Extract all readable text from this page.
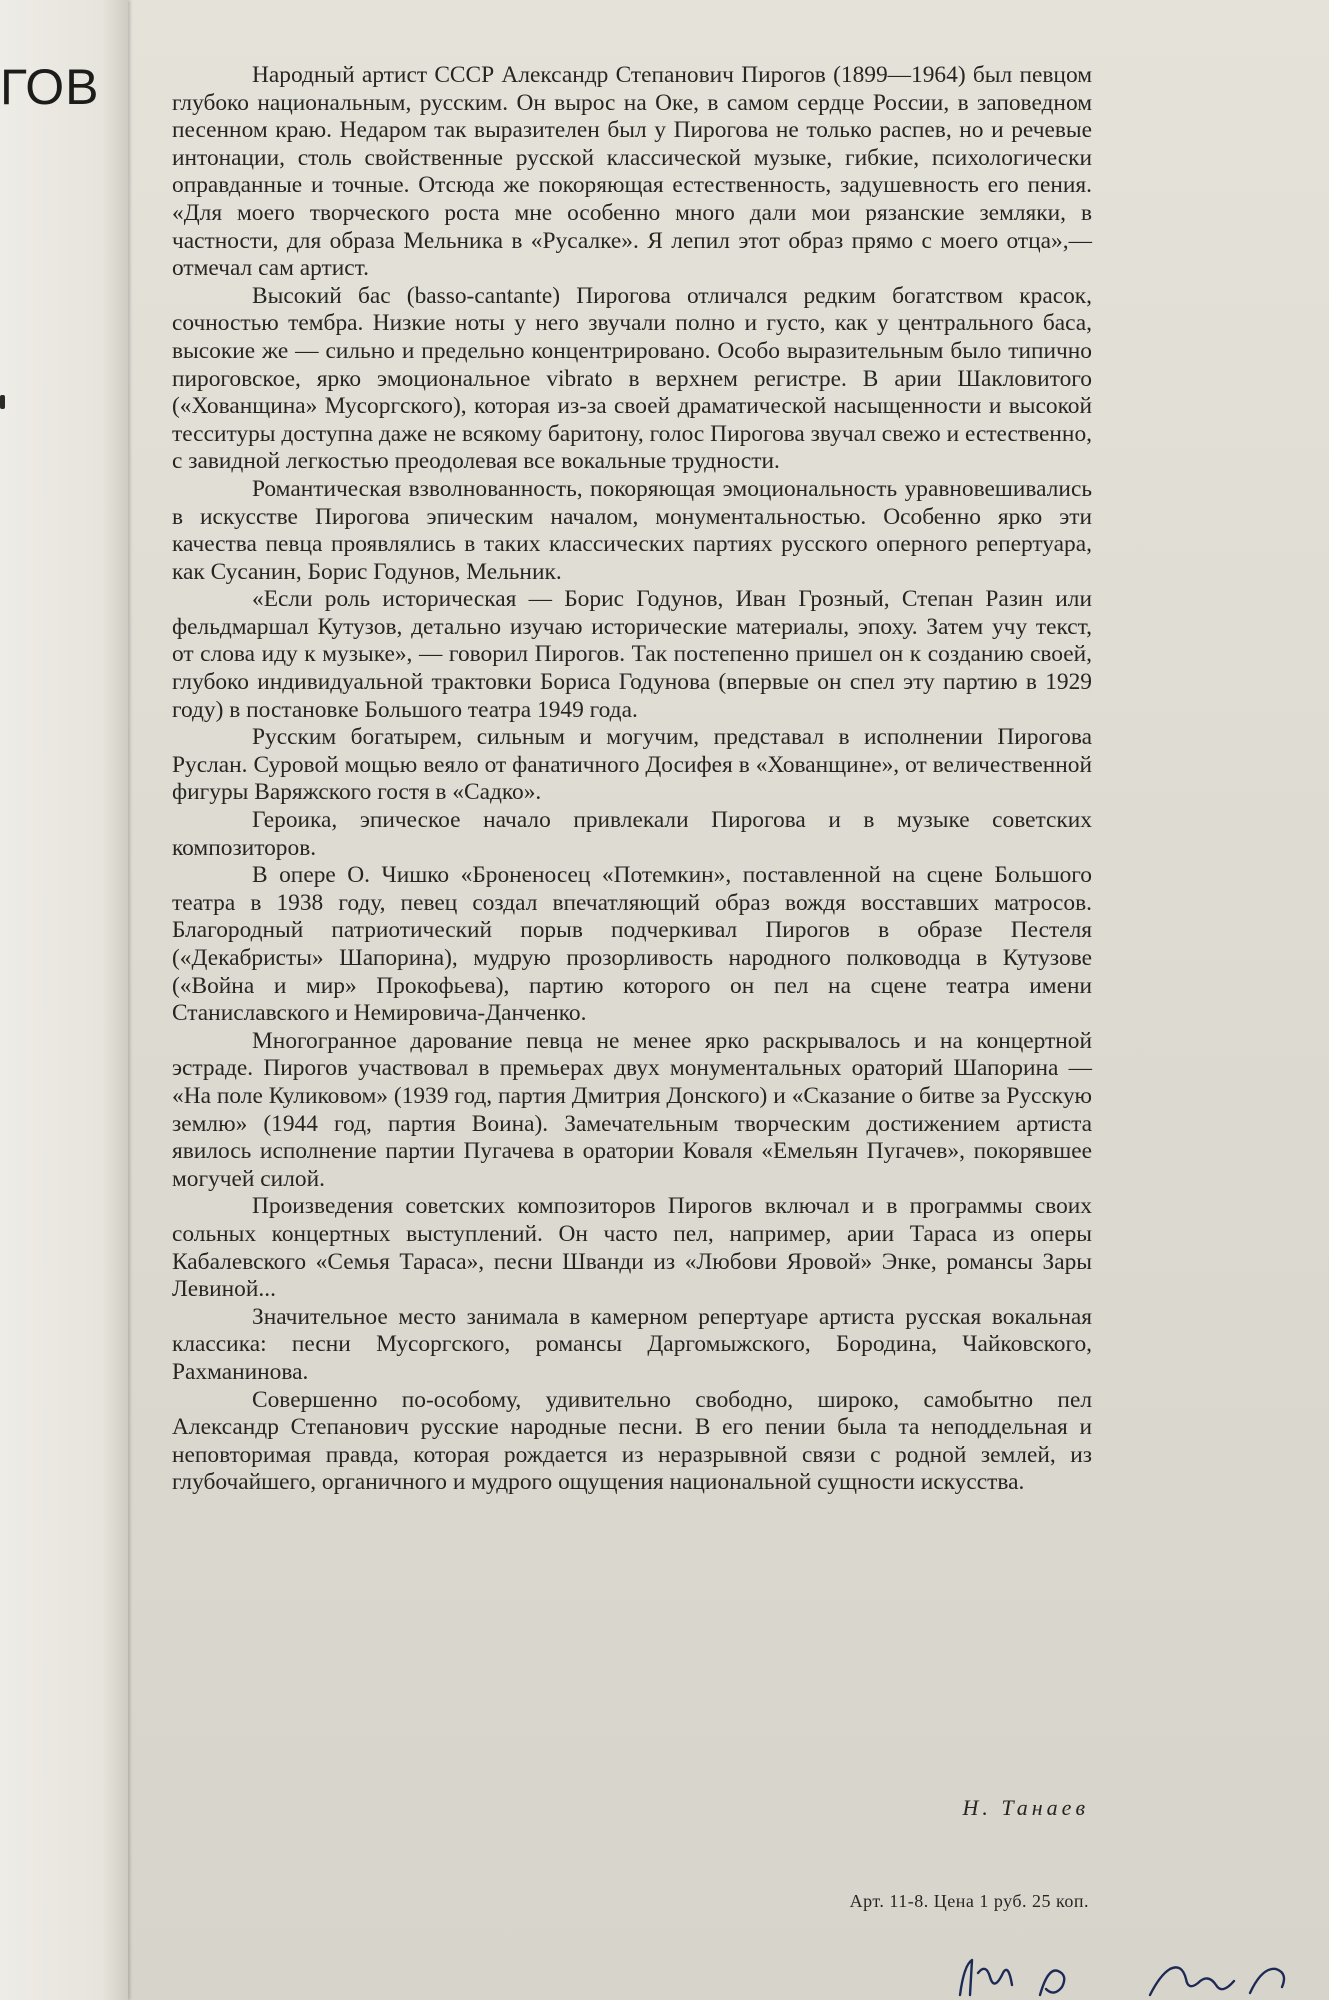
ГОВ	Народный артист СССР Александр Степанович Пирогов (1899—1964) был певцом глубоко национальным, русским. Он вырос на Оке, в самом сердце России, в заповедном песенном краю. Недаром так выразителен был у Пирогова не только распев, но и речевые интонации, столь свойственные русской классической музыке, гибкие, психологически оправданные и точные. Отсюда же покоряющая естественность, задушевность его пения. «Для моего творческого роста мне особенно много дали мои рязанские земляки, в частности, для образа Мельника в «Русалке». Я лепил этот образ прямо с моего отца»,— отмечал сам артист.

Высокий бас (basso-cantante) Пирогова отличался редким богатством красок, сочностью тембра. Низкие ноты у него звучали полно и густо, как у центрального баса, высокие же — сильно и предельно концентрировано. Особо выразительным было типично пироговское, ярко эмоциональное vibrato в верхнем регистре. В арии Шакловитого («Хованщина» Мусоргского), которая из-за своей драматической насыщенности и высокой тесситуры доступна даже не всякому баритону, голос Пирогова звучал свежо и естественно, с завидной легкостью преодолевая все вокальные трудности.

Романтическая взволнованность, покоряющая эмоциональность уравновешивались в искусстве Пирогова эпическим началом, монументальностью. Особенно ярко эти качества певца проявлялись в таких классических партиях русского оперного репертуара, как Сусанин, Борис Годунов, Мельник.

«Если роль историческая — Борис Годунов, Иван Грозный, Степан Разин или фельдмаршал Кутузов, детально изучаю исторические материалы, эпоху. Затем учу текст, от слова иду к музыке», — говорил Пирогов. Так постепенно пришел он к созданию своей, глубоко индивидуальной трактовки Бориса Годунова (впервые он спел эту партию в 1929 году) в постановке Большого театра 1949 года.

Русским богатырем, сильным и могучим, представал в исполнении Пирогова Руслан. Суровой мощью веяло от фанатичного Досифея в «Хованщине», от величественной фигуры Варяжского гостя в «Садко».

Героика, эпическое начало привлекали Пирогова и в музыке советских композиторов.

В опере О. Чишко «Броненосец «Потемкин», поставленной на сцене Большого театра в 1938 году, певец создал впечатляющий образ вождя восставших матросов. Благородный патриотический порыв подчеркивал Пирогов в образе Пестеля («Декабристы» Шапорина), мудрую прозорливость народного полководца в Кутузове («Война и мир» Прокофьева), партию которого он пел на сцене театра имени Станиславского и Немировича-Данченко.

Многогранное дарование певца не менее ярко раскрывалось и на концертной эстраде. Пирогов участвовал в премьерах двух монументальных ораторий Шапорина — «На поле Куликовом» (1939 год, партия Дмитрия Донского) и «Сказание о битве за Русскую землю» (1944 год, партия Воина). Замечательным творческим достижением артиста явилось исполнение партии Пугачева в оратории Коваля «Емельян Пугачев», покорявшее могучей силой.

Произведения советских композиторов Пирогов включал и в программы своих сольных концертных выступлений. Он часто пел, например, арии Тараса из оперы Кабалевского «Семья Тараса», песни Шванди из «Любови Яровой» Энке, романсы Зары Левиной...

Значительное место занимала в камерном репертуаре артиста русская вокальная классика: песни Мусоргского, романсы Даргомыжского, Бородина, Чайковского, Рахманинова.

Совершенно по-особому, удивительно свободно, широко, самобытно пел Александр Степанович русские народные песни. В его пении была та неподдельная и неповторимая правда, которая рождается из неразрывной связи с родной землей, из глубочайшего, органичного и мудрого ощущения национальной сущности искусства.

Н. Танаев
Арт. 11-8. Цена 1 руб. 25 коп.
